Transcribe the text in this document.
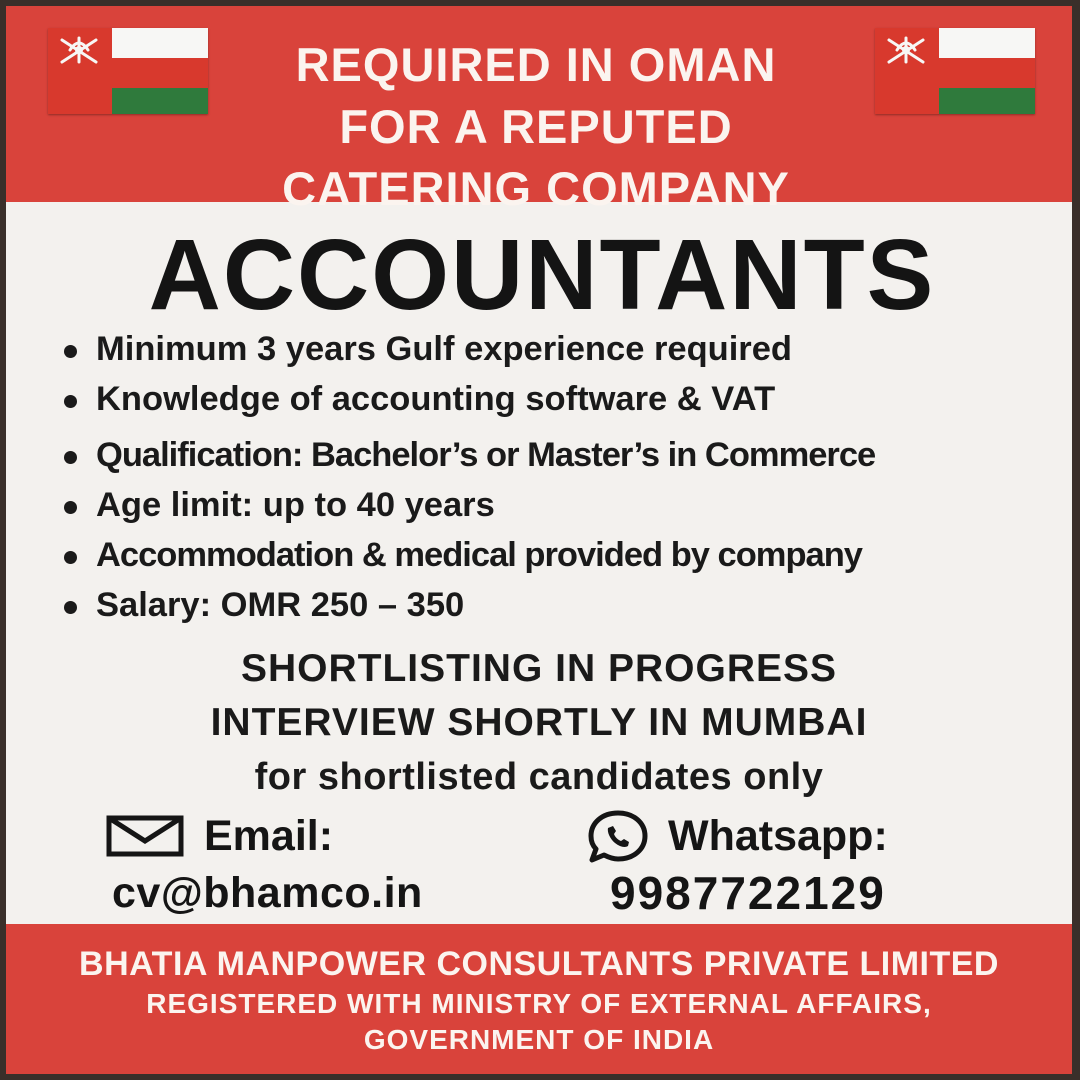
REQUIRED IN OMAN
FOR A REPUTED
CATERING COMPANY
ACCOUNTANTS
Minimum 3 years Gulf experience required
Knowledge of accounting software & VAT
Qualification: Bachelor’s or Master’s in Commerce
Age limit: up to 40 years
Accommodation & medical provided by company
Salary: OMR 250 – 350
SHORTLISTING IN PROGRESS
INTERVIEW SHORTLY IN MUMBAI
for shortlisted candidates only
Email:
cv@bhamco.in
Whatsapp:
9987722129
BHATIA MANPOWER CONSULTANTS PRIVATE LIMITED
REGISTERED WITH MINISTRY OF EXTERNAL AFFAIRS,
GOVERNMENT OF INDIA
